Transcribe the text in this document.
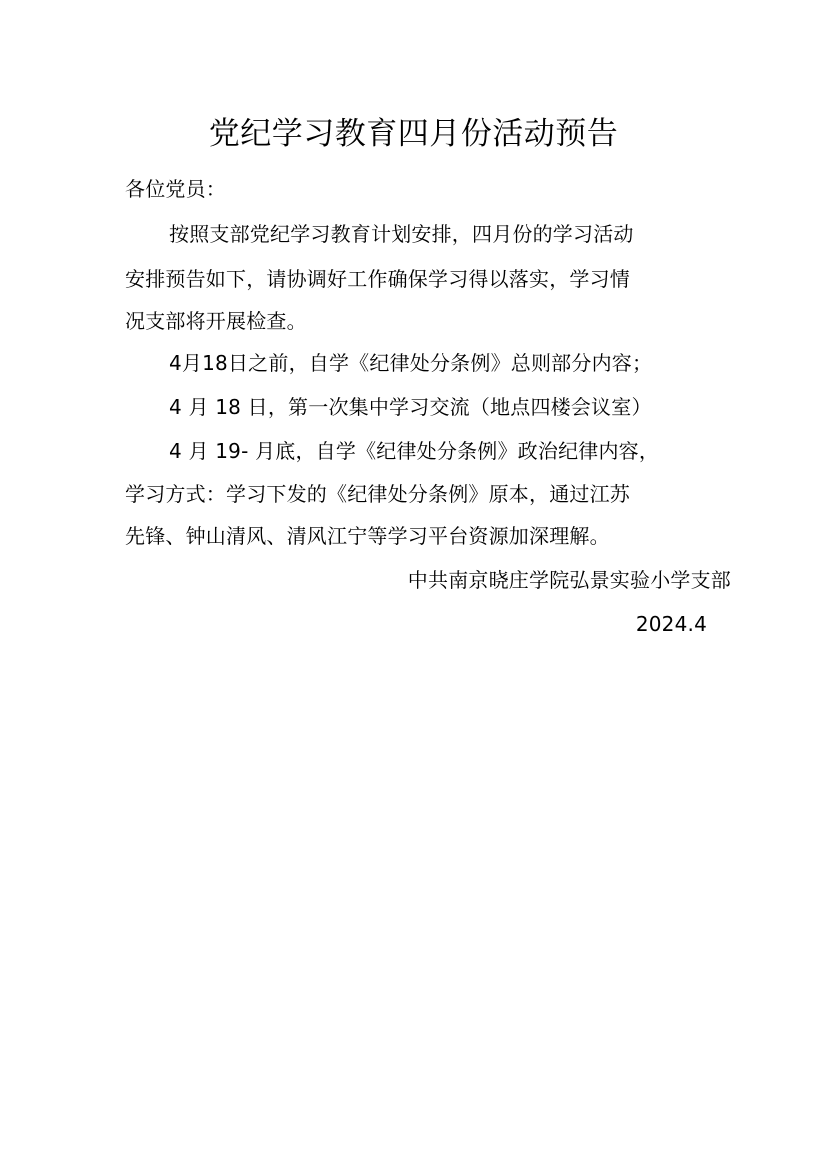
党纪学习教育四月份活动预告
各位党员：
按照支部党纪学习教育计划安排，四月份的学习活动
安排预告如下，请协调好工作确保学习得以落实，学习情
况支部将开展检查。
4月18日之前，自学《纪律处分条例》总则部分内容；
4 月 18 日，第一次集中学习交流（地点四楼会议室）
4 月 19- 月底，自学《纪律处分条例》政治纪律内容，
学习方式：学习下发的《纪律处分条例》原本，通过江苏
先锋、钟山清风、清风江宁等学习平台资源加深理解。
中共南京晓庄学院弘景实验小学支部
2024.4
